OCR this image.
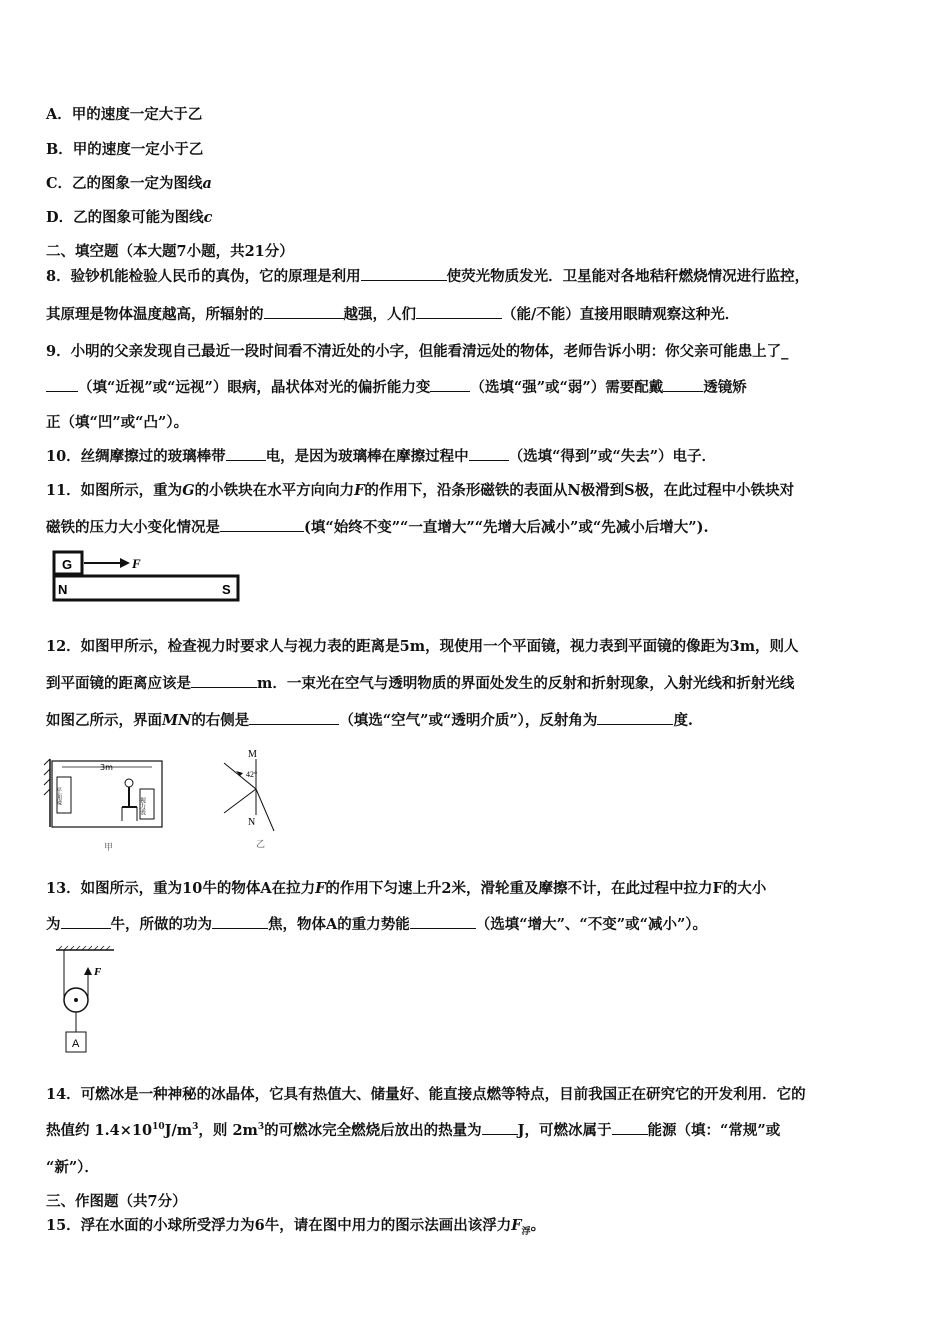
A．甲的速度一定大于乙
B．甲的速度一定小于乙
C．乙的图象一定为图线a
D．乙的图象可能为图线c
二、填空题（本大题7小题，共21分）
8．验钞机能检验人民币的真伪，它的原理是利用	使荧光物质发光．卫星能对各地秸秆燃烧情况进行监控，
其原理是物体温度越高，所辐射的	越强，人们	（能/不能）直接用眼睛观察这种光．
9．小明的父亲发现自己最近一段时间看不清近处的小字，但能看清远处的物体，老师告诉小明：你父亲可能患上了_
（填“近视”或“远视”）眼病，晶状体对光的偏折能力变	（选填“强”或“弱”）需要配戴	透镜矫
正（填“凹”或“凸”）。
10．丝绸摩擦过的玻璃棒带	电，是因为玻璃棒在摩擦过程中	（选填“得到”或“失去”）电子．
11．如图所示，重为G的小铁块在水平方向向力F的作用下，沿条形磁铁的表面从N极滑到S极，在此过程中小铁块对
磁铁的压力大小变化情况是	(填“始终不变”“一直增大”“先增大后减小”或“先减小后增大”).
G	F
N	S
12．如图甲所示，检查视力时要求人与视力表的距离是5m，现使用一个平面镜，视力表到平面镜的像距为3m，则人
到平面镜的距离应该是	m．一束光在空气与透明物质的界面处发生的反射和折射现象，入射光线和折射光线
如图乙所示，界面MN的右侧是	（填选“空气”或“透明介质”），反射角为	度.
3m
平面镜
视力表
甲
M
N
42°
乙
13．如图所示，重为10牛的物体A在拉力F的作用下匀速上升2米，滑轮重及摩擦不计，在此过程中拉力F的大小
为	牛，所做的功为	焦，物体A的重力势能	（选填“增大”、“不变”或“减小”）。
F
A
14．可燃冰是一种神秘的冰晶体，它具有热值大、储量好、能直接点燃等特点，目前我国正在研究它的开发利用．它的
热值约 $1.4\times 10^{10}J/m^3$，则 $2m^3$的可燃冰完全燃烧后放出的热量为 J，可燃冰属于 能源（填：“常规”或
“新”）．
三、作图题（共7分）
15．浮在水面的小球所受浮力为6牛，请在图中用力的图示法画出该浮力$F_浮$。
